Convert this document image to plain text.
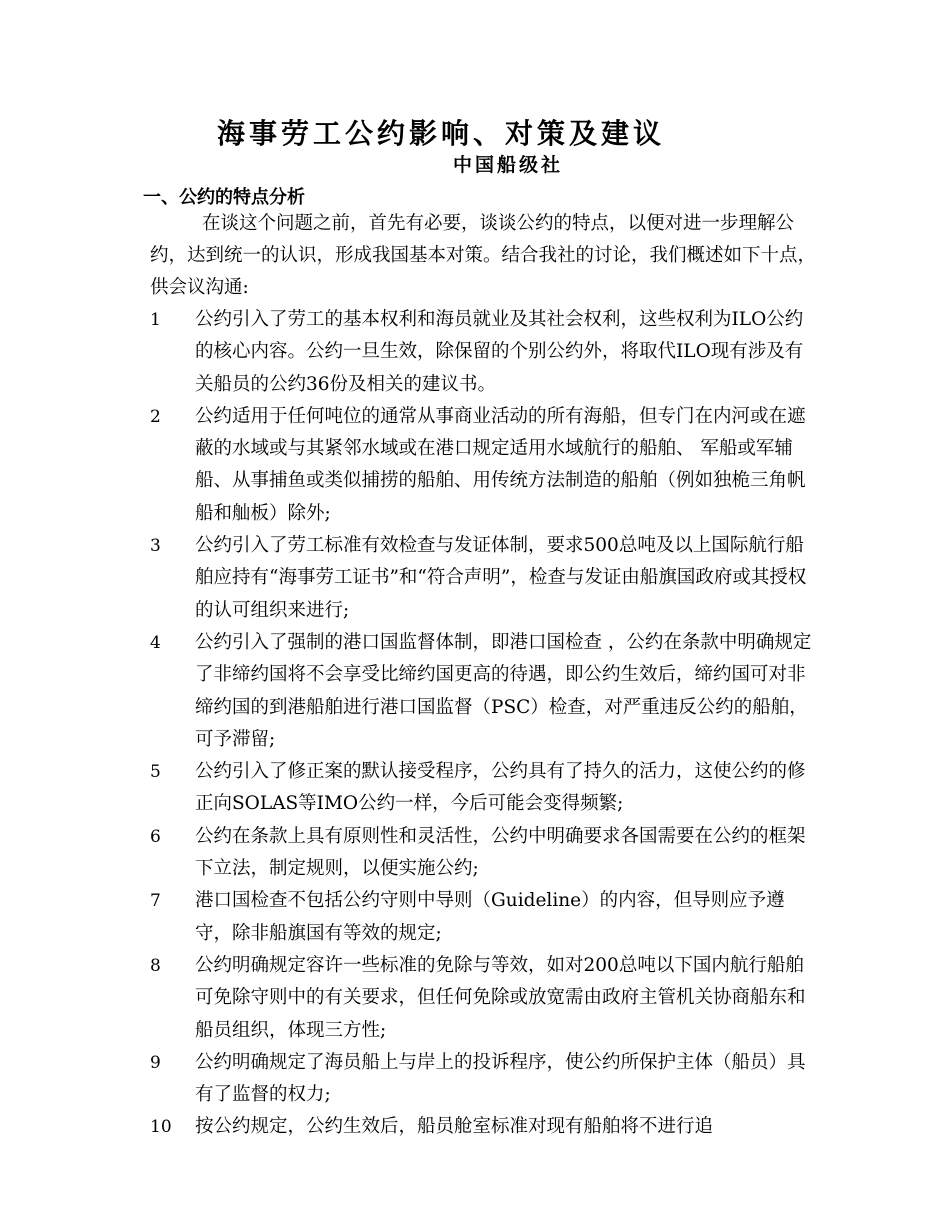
海事劳工公约影响、对策及建议
中国船级社
一、公约的特点分析
在谈这个问题之前，首先有必要，谈谈公约的特点，以便对进一步理解公约，达到统一的认识，形成我国基本对策。结合我社的讨论，我们概述如下十点，供会议沟通:
1	公约引入了劳工的基本权利和海员就业及其社会权利，这些权利为ILO公约的核心内容。公约一旦生效，除保留的个别公约外，将取代ILO现有涉及有关船员的公约36份及相关的建议书。
2	公约适用于任何吨位的通常从事商业活动的所有海船，但专门在内河或在遮蔽的水域或与其紧邻水域或在港口规定适用水域航行的船舶、 军船或军辅船、从事捕鱼或类似捕捞的船舶、用传统方法制造的船舶（例如独桅三角帆船和舢板）除外;
3	公约引入了劳工标准有效检查与发证体制，要求500总吨及以上国际航行船舶应持有“海事劳工证书”和“符合声明”，检查与发证由船旗国政府或其授权的认可组织来进行;
4	公约引入了强制的港口国监督体制，即港口国检查 ，公约在条款中明确规定了非缔约国将不会享受比缔约国更高的待遇，即公约生效后，缔约国可对非缔约国的到港船舶进行港口国监督（PSC）检查，对严重违反公约的船舶，可予滞留;
5	公约引入了修正案的默认接受程序，公约具有了持久的活力，这使公约的修正向SOLAS等IMO公约一样，今后可能会变得频繁;
6	公约在条款上具有原则性和灵活性，公约中明确要求各国需要在公约的框架下立法，制定规则，以便实施公约;
7	港口国检查不包括公约守则中导则（Guideline）的内容，但导则应予遵守，除非船旗国有等效的规定;
8	公约明确规定容许一些标准的免除与等效，如对200总吨以下国内航行船舶可免除守则中的有关要求，但任何免除或放宽需由政府主管机关协商船东和船员组织，体现三方性;
9	公约明确规定了海员船上与岸上的投诉程序，使公约所保护主体（船员）具有了监督的权力;
10	按公约规定，公约生效后，船员舱室标准对现有船舶将不进行追
